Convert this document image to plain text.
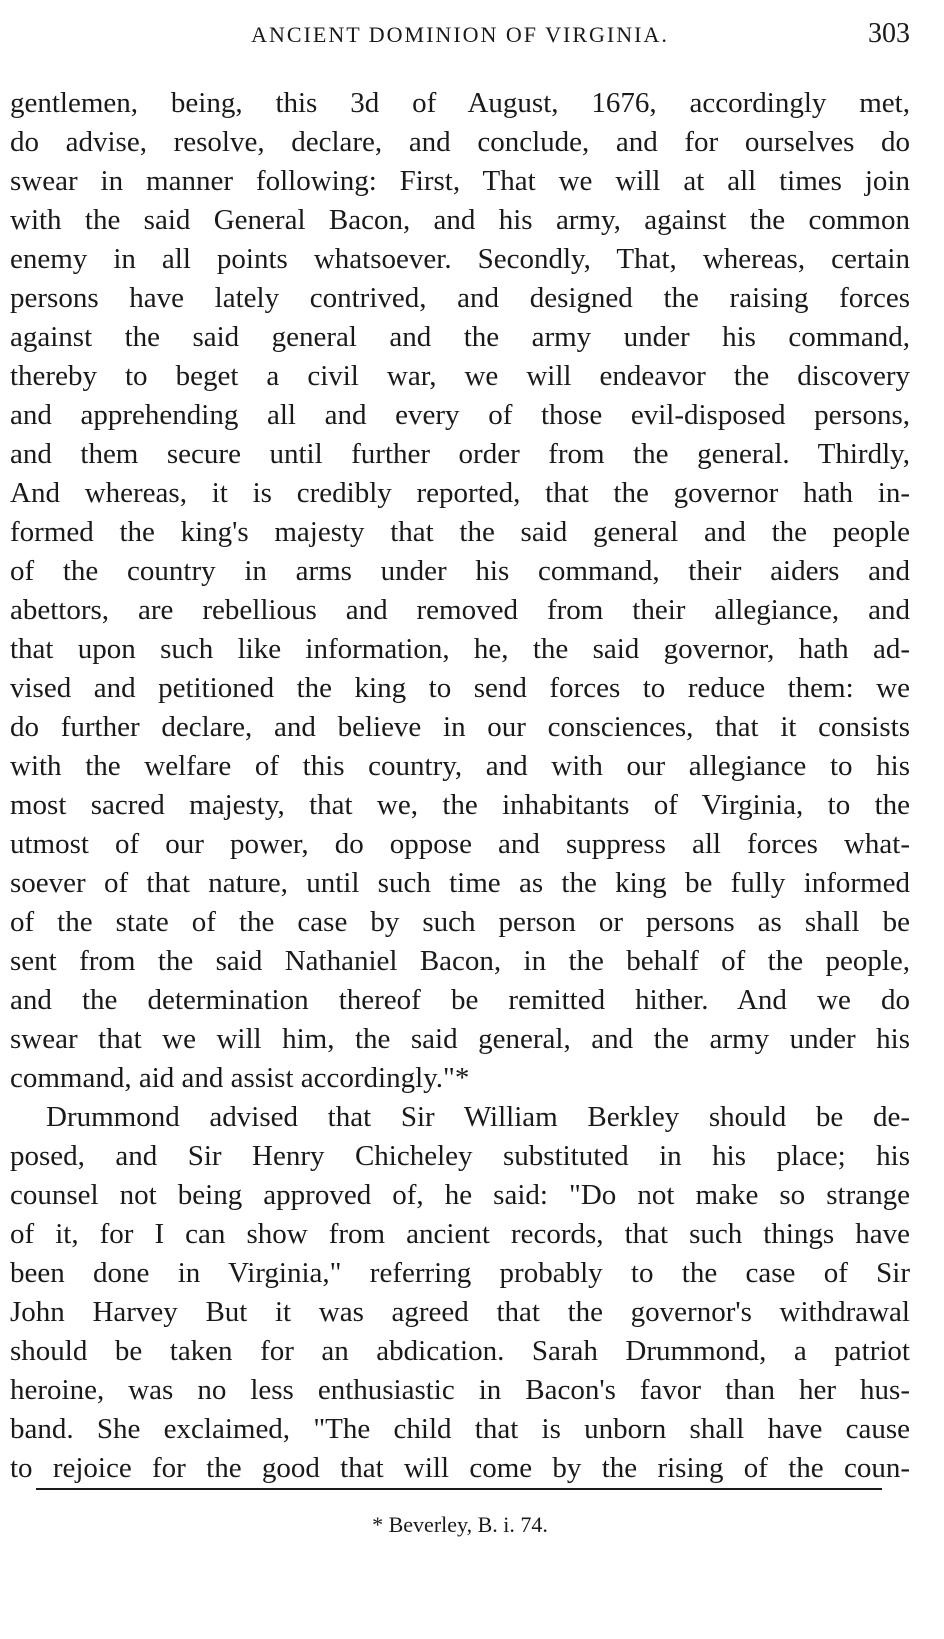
ANCIENT DOMINION OF VIRGINIA.	303
gentlemen, being, this 3d of August, 1676, accordingly met,
do advise, resolve, declare, and conclude, and for ourselves do
swear in manner following: First, That we will at all times join
with the said General Bacon, and his army, against the common
enemy in all points whatsoever. Secondly, That, whereas, certain
persons have lately contrived, and designed the raising forces
against the said general and the army under his command,
thereby to beget a civil war, we will endeavor the discovery
and apprehending all and every of those evil-disposed persons,
and them secure until further order from the general. Thirdly,
And whereas, it is credibly reported, that the governor hath in-
formed the king's majesty that the said general and the people
of the country in arms under his command, their aiders and
abettors, are rebellious and removed from their allegiance, and
that upon such like information, he, the said governor, hath ad-
vised and petitioned the king to send forces to reduce them: we
do further declare, and believe in our consciences, that it consists
with the welfare of this country, and with our allegiance to his
most sacred majesty, that we, the inhabitants of Virginia, to the
utmost of our power, do oppose and suppress all forces what-
soever of that nature, until such time as the king be fully informed
of the state of the case by such person or persons as shall be
sent from the said Nathaniel Bacon, in the behalf of the people,
and the determination thereof be remitted hither. And we do
swear that we will him, the said general, and the army under his
command, aid and assist accordingly."*
Drummond advised that Sir William Berkley should be de-
posed, and Sir Henry Chicheley substituted in his place; his
counsel not being approved of, he said: "Do not make so strange
of it, for I can show from ancient records, that such things have
been done in Virginia," referring probably to the case of Sir
John Harvey But it was agreed that the governor's withdrawal
should be taken for an abdication. Sarah Drummond, a patriot
heroine, was no less enthusiastic in Bacon's favor than her hus-
band. She exclaimed, "The child that is unborn shall have cause
to rejoice for the good that will come by the rising of the coun-
* Beverley, B. i. 74.
